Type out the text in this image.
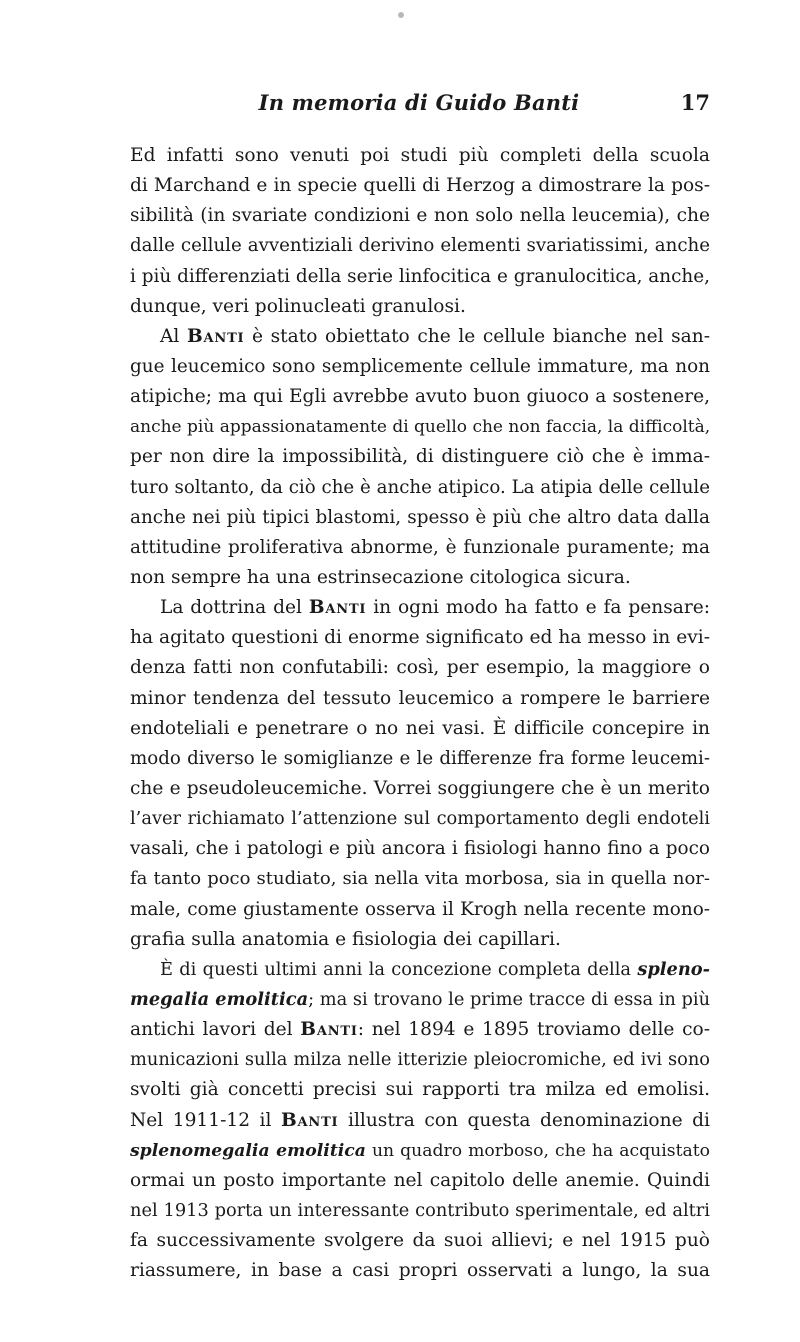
In memoria di Guido Banti	17
Ed infatti sono venuti poi studi più completi della scuola
di Marchand e in specie quelli di Herzog a dimostrare la pos-
sibilità (in svariate condizioni e non solo nella leucemia), che
dalle cellule avventiziali derivino elementi svariatissimi, anche
i più differenziati della serie linfocitica e granulocitica, anche,
dunque, veri polinucleati granulosi.
Al Banti è stato obiettato che le cellule bianche nel san-
gue leucemico sono semplicemente cellule immature, ma non
atipiche; ma qui Egli avrebbe avuto buon giuoco a sostenere,
anche più appassionatamente di quello che non faccia, la difficoltà,
per non dire la impossibilità, di distinguere ciò che è imma-
turo soltanto, da ciò che è anche atipico. La atipia delle cellule
anche nei più tipici blastomi, spesso è più che altro data dalla
attitudine proliferativa abnorme, è funzionale puramente; ma
non sempre ha una estrinsecazione citologica sicura.
La dottrina del Banti in ogni modo ha fatto e fa pensare:
ha agitato questioni di enorme significato ed ha messo in evi-
denza fatti non confutabili: così, per esempio, la maggiore o
minor tendenza del tessuto leucemico a rompere le barriere
endoteliali e penetrare o no nei vasi. È difficile concepire in
modo diverso le somiglianze e le differenze fra forme leucemi-
che e pseudoleucemiche. Vorrei soggiungere che è un merito
l’aver richiamato l’attenzione sul comportamento degli endoteli
vasali, che i patologi e più ancora i fisiologi hanno fino a poco
fa tanto poco studiato, sia nella vita morbosa, sia in quella nor-
male, come giustamente osserva il Krogh nella recente mono-
grafia sulla anatomia e fisiologia dei capillari.
È di questi ultimi anni la concezione completa della spleno-
megalia emolitica; ma si trovano le prime tracce di essa in più
antichi lavori del Banti: nel 1894 e 1895 troviamo delle co-
municazioni sulla milza nelle itterizie pleiocromiche, ed ivi sono
svolti già concetti precisi sui rapporti tra milza ed emolisi.
Nel 1911-12 il Banti illustra con questa denominazione di
splenomegalia emolitica un quadro morboso, che ha acquistato
ormai un posto importante nel capitolo delle anemie. Quindi
nel 1913 porta un interessante contributo sperimentale, ed altri
fa successivamente svolgere da suoi allievi; e nel 1915 può
riassumere, in base a casi propri osservati a lungo, la sua
